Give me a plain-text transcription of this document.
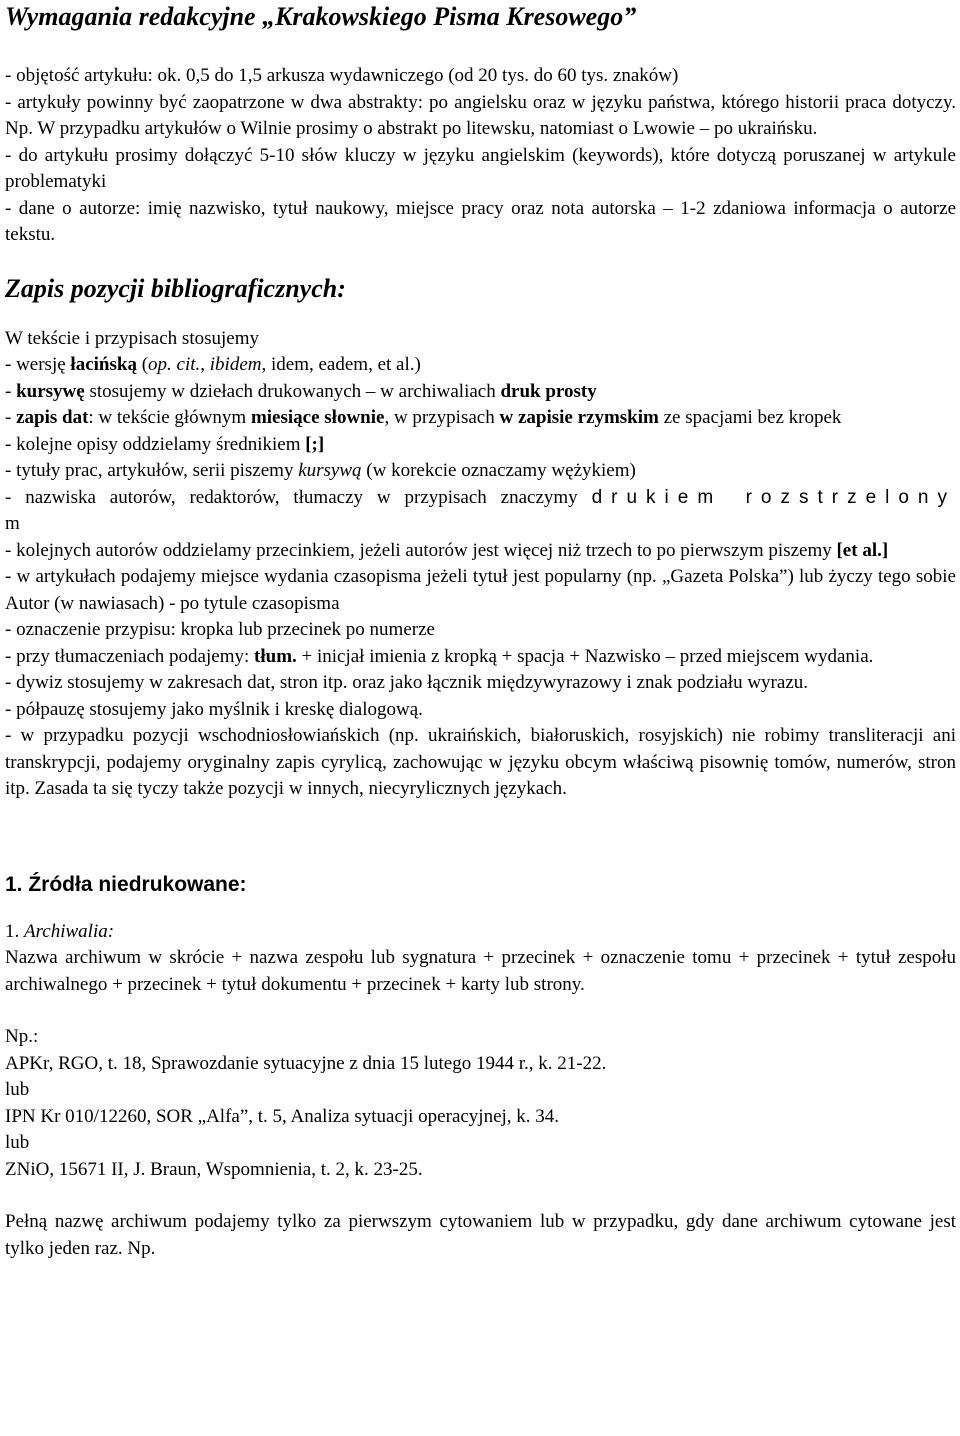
Wymagania redakcyjne „Krakowskiego Pisma Kresowego”

- objętość artykułu: ok. 0,5 do 1,5 arkusza wydawniczego (od 20 tys. do 60 tys. znaków)

- artykuły powinny być zaopatrzone w dwa abstrakty: po angielsku oraz w języku państwa, którego historii praca dotyczy. Np. W przypadku artykułów o Wilnie prosimy o abstrakt po litewsku, natomiast o Lwowie – po ukraińsku.

- do artykułu prosimy dołączyć 5-10 słów kluczy w języku angielskim (keywords), które dotyczą poruszanej w artykule problematyki

- dane o autorze: imię nazwisko, tytuł naukowy, miejsce pracy oraz nota autorska – 1-2 zdaniowa informacja o autorze tekstu.

Zapis pozycji bibliograficznych:

W tekście i przypisach stosujemy

- wersję łacińską (op. cit., ibidem, idem, eadem, et al.)

- kursywę stosujemy w dziełach drukowanych – w archiwaliach druk prosty

- zapis dat: w tekście głównym miesiące słownie, w przypisach w zapisie rzymskim ze spacjami bez kropek

- kolejne opisy oddzielamy średnikiem [;]

- tytuły prac, artykułów, serii piszemy kursywą (w korekcie oznaczamy wężykiem)

- nazwiska autorów, redaktorów, tłumaczy w przypisach znaczymy drukiem rozstrzelony

m

- kolejnych autorów oddzielamy przecinkiem, jeżeli autorów jest więcej niż trzech to po pierwszym piszemy [et al.]

- w artykułach podajemy miejsce wydania czasopisma jeżeli tytuł jest popularny (np. „Gazeta Polska”) lub życzy tego sobie Autor (w nawiasach) - po tytule czasopisma

- oznaczenie przypisu: kropka lub przecinek po numerze

- przy tłumaczeniach podajemy: tłum. + inicjał imienia z kropką + spacja + Nazwisko – przed miejscem wydania.

- dywiz stosujemy w zakresach dat, stron itp. oraz jako łącznik międzywyrazowy i znak podziału wyrazu.

- półpauzę stosujemy jako myślnik i kreskę dialogową.

- w przypadku pozycji wschodniosłowiańskich (np. ukraińskich, białoruskich, rosyjskich) nie robimy transliteracji ani transkrypcji, podajemy oryginalny zapis cyrylicą, zachowując w języku obcym właściwą pisownię tomów, numerów, stron itp. Zasada ta się tyczy także pozycji w innych, niecyrylicznych językach.

1. Źródła niedrukowane:

1. Archiwalia:

Nazwa archiwum w skrócie + nazwa zespołu lub sygnatura + przecinek + oznaczenie tomu + przecinek + tytuł zespołu archiwalnego + przecinek + tytuł dokumentu + przecinek + karty lub strony.

Np.:

APKr, RGO, t. 18, Sprawozdanie sytuacyjne z dnia 15 lutego 1944 r., k. 21-22.

lub

IPN Kr 010/12260, SOR „Alfa”, t. 5, Analiza sytuacji operacyjnej, k. 34.

lub

ZNiO, 15671 II, J. Braun, Wspomnienia, t. 2, k. 23-25.

Pełną nazwę archiwum podajemy tylko za pierwszym cytowaniem lub w przypadku, gdy dane archiwum cytowane jest tylko jeden raz. Np.
